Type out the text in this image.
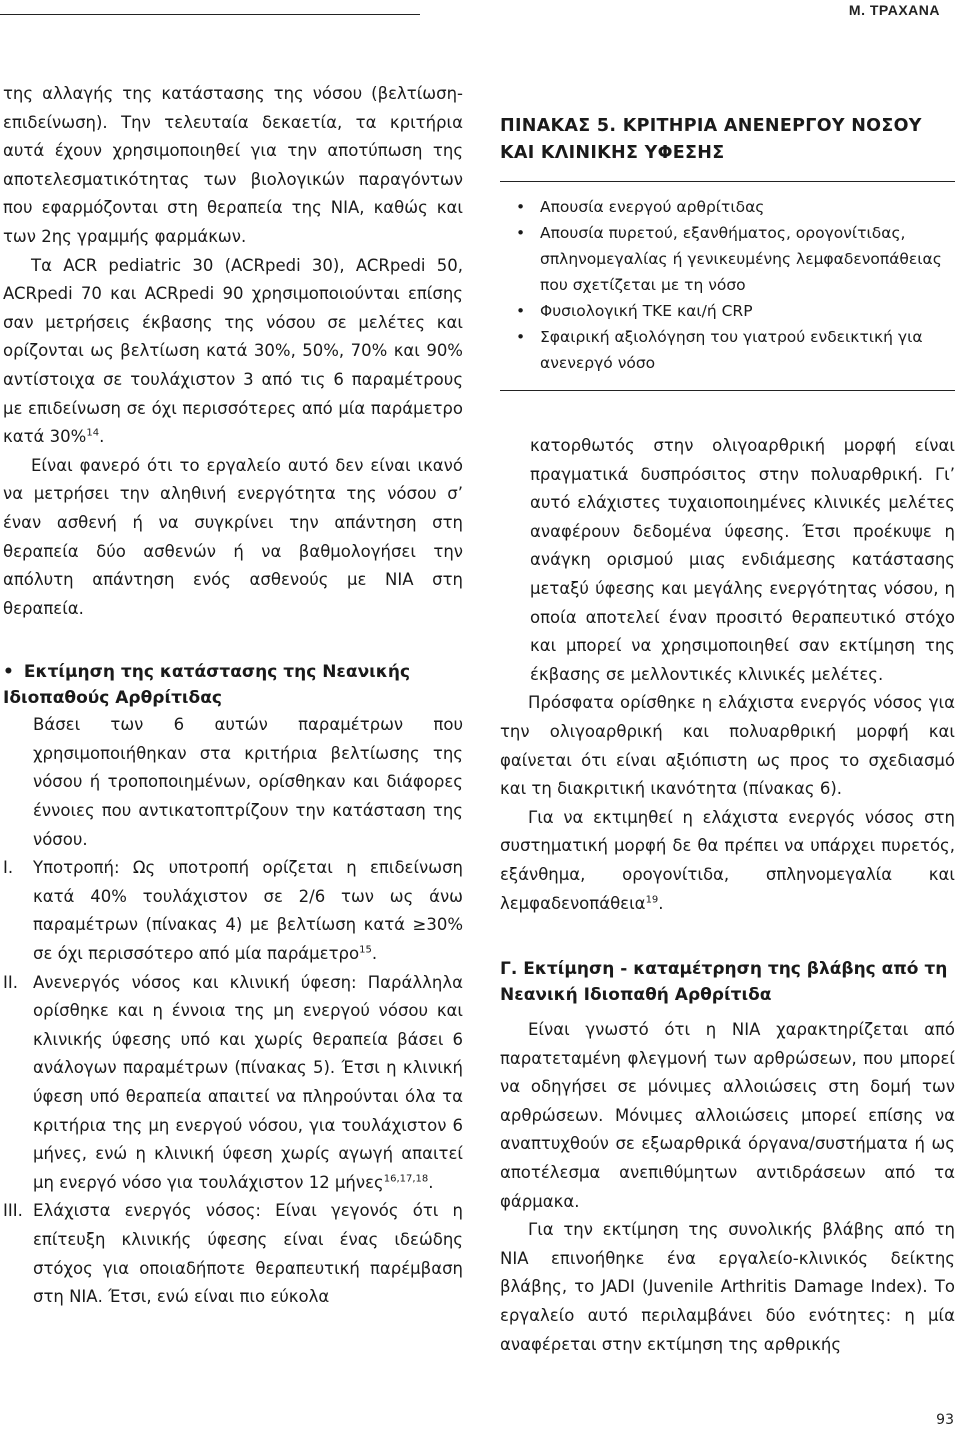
Μ. ΤΡΑΧΑΝΑ

της αλλαγής της κατάστασης της νόσου (βελτίωση-επιδείνωση). Την τελευταία δεκαετία, τα κριτήρια αυτά έχουν χρησιμοποιηθεί για την αποτύπωση της αποτελεσματικότητας των βιολογικών παραγόντων που εφαρμόζονται στη θεραπεία της ΝΙΑ, καθώς και των 2ης γραμμής φαρμάκων.

Τα ACR pediatric 30 (ACRpedi 30), ACRpedi 50, ACRpedi 70 και ACRpedi 90 χρησιμοποιούνται επίσης σαν μετρήσεις έκβασης της νόσου σε μελέτες και ορίζονται ως βελτίωση κατά 30%, 50%, 70% και 90% αντίστοιχα σε τουλάχιστον 3 από τις 6 παραμέτρους με επιδείνωση σε όχι περισσότερες από μία παράμετρο κατά 30%$^{14}$.

Είναι φανερό ότι το εργαλείο αυτό δεν είναι ικανό να μετρήσει την αληθινή ενεργότητα της νόσου σ’ έναν ασθενή ή να συγκρίνει την απάντηση στη θεραπεία δύο ασθενών ή να βαθμολογήσει την απόλυτη απάντηση ενός ασθενούς με ΝΙΑ στη θεραπεία.

• Εκτίμηση της κατάστασης της Νεανικής Ιδιοπαθούς Αρθρίτιδας

Βάσει των 6 αυτών παραμέτρων που χρησιμοποιήθηκαν στα κριτήρια βελτίωσης της νόσου ή τροποποιημένων, ορίσθηκαν και διάφορες έννοιες που αντικατοπτρίζουν την κατάσταση της νόσου.

I.	Υποτροπή: Ως υποτροπή ορίζεται η επιδείνωση κατά 40% τουλάχιστον σε 2/6 των ως άνω παραμέτρων (πίνακας 4) με βελτίωση κατά ≥30% σε όχι περισσότερο από μία παράμετρο$^{15}$.
II. Ανενεργός νόσος και κλινική ύφεση: Παράλληλα ορίσθηκε και η έννοια της μη ενεργού νόσου και κλινικής ύφεσης υπό και χωρίς θεραπεία βάσει 6 ανάλογων παραμέτρων (πίνακας 5). Έτσι η κλινική ύφεση υπό θεραπεία απαιτεί να πληρούνται όλα τα κριτήρια της μη ενεργού νόσου, για τουλάχιστον 6 μήνες, ενώ η κλινική ύφεση χωρίς αγωγή απαιτεί μη ενεργό νόσο για τουλάχιστον 12 μήνες$^{16,17,18}$.
III. Ελάχιστα ενεργός νόσος: Είναι γεγονός ότι η επίτευξη κλινικής ύφεσης είναι ένας ιδεώδης στόχος για οποιαδήποτε θεραπευτική παρέμβαση στη ΝΙΑ. Έτσι, ενώ είναι πιο εύκολα
ΠΙΝΑΚΑΣ 5. ΚΡΙΤΗΡΙΑ ΑΝΕΝΕΡΓΟΥ ΝΟΣΟΥ ΚΑΙ ΚΛΙΝΙΚΗΣ ΥΦΕΣΗΣ
• Απουσία ενεργού αρθρίτιδας
• Απουσία πυρετού, εξανθήματος, ορογονίτιδας, σπληνομεγαλίας ή γενικευμένης λεμφαδενοπάθειας που σχετίζεται με τη νόσο
• Φυσιολογική ΤΚΕ και/ή CRP
• Σφαιρική αξιολόγηση του γιατρού ενδεικτική για ανενεργό νόσο

κατορθωτός στην ολιγοαρθρική μορφή είναι πραγματικά δυσπρόσιτος στην πολυαρθρική. Γι’ αυτό ελάχιστες τυχαιοποιημένες κλινικές μελέτες αναφέρουν δεδομένα ύφεσης. Έτσι προέκυψε η ανάγκη ορισμού μιας ενδιάμεσης κατάστασης μεταξύ ύφεσης και μεγάλης ενεργότητας νόσου, η οποία αποτελεί έναν προσιτό θεραπευτικό στόχο και μπορεί να χρησιμοποιηθεί σαν εκτίμηση της έκβασης σε μελλοντικές κλινικές μελέτες.

Πρόσφατα ορίσθηκε η ελάχιστα ενεργός νόσος για την ολιγοαρθρική και πολυαρθρική μορφή και φαίνεται ότι είναι αξιόπιστη ως προς το σχεδιασμό και τη διακριτική ικανότητα (πίνακας 6).

Για να εκτιμηθεί η ελάχιστα ενεργός νόσος στη συστηματική μορφή δε θα πρέπει να υπάρχει πυρετός, εξάνθημα, ορογονίτιδα, σπληνομεγαλία και λεμφαδενοπάθεια$^{19}$.

Γ. Εκτίμηση - καταμέτρηση της βλάβης από τη Νεανική Ιδιοπαθή Αρθρίτιδα

Είναι γνωστό ότι η ΝΙΑ χαρακτηρίζεται από παρατεταμένη φλεγμονή των αρθρώσεων, που μπορεί να οδηγήσει σε μόνιμες αλλοιώσεις στη δομή των αρθρώσεων. Μόνιμες αλλοιώσεις μπορεί επίσης να αναπτυχθούν σε εξωαρθρικά όργανα/συστήματα ή ως αποτέλεσμα ανεπιθύμητων αντιδράσεων από τα φάρμακα.

Για την εκτίμηση της συνολικής βλάβης από τη ΝΙΑ επινοήθηκε ένα εργαλείο-κλινικός δείκτης βλάβης, το JADI (Juvenile Arthritis Damage Index). Το εργαλείο αυτό περιλαμβάνει δύο ενότητες: η μία αναφέρεται στην εκτίμηση της αρθρικής

93
